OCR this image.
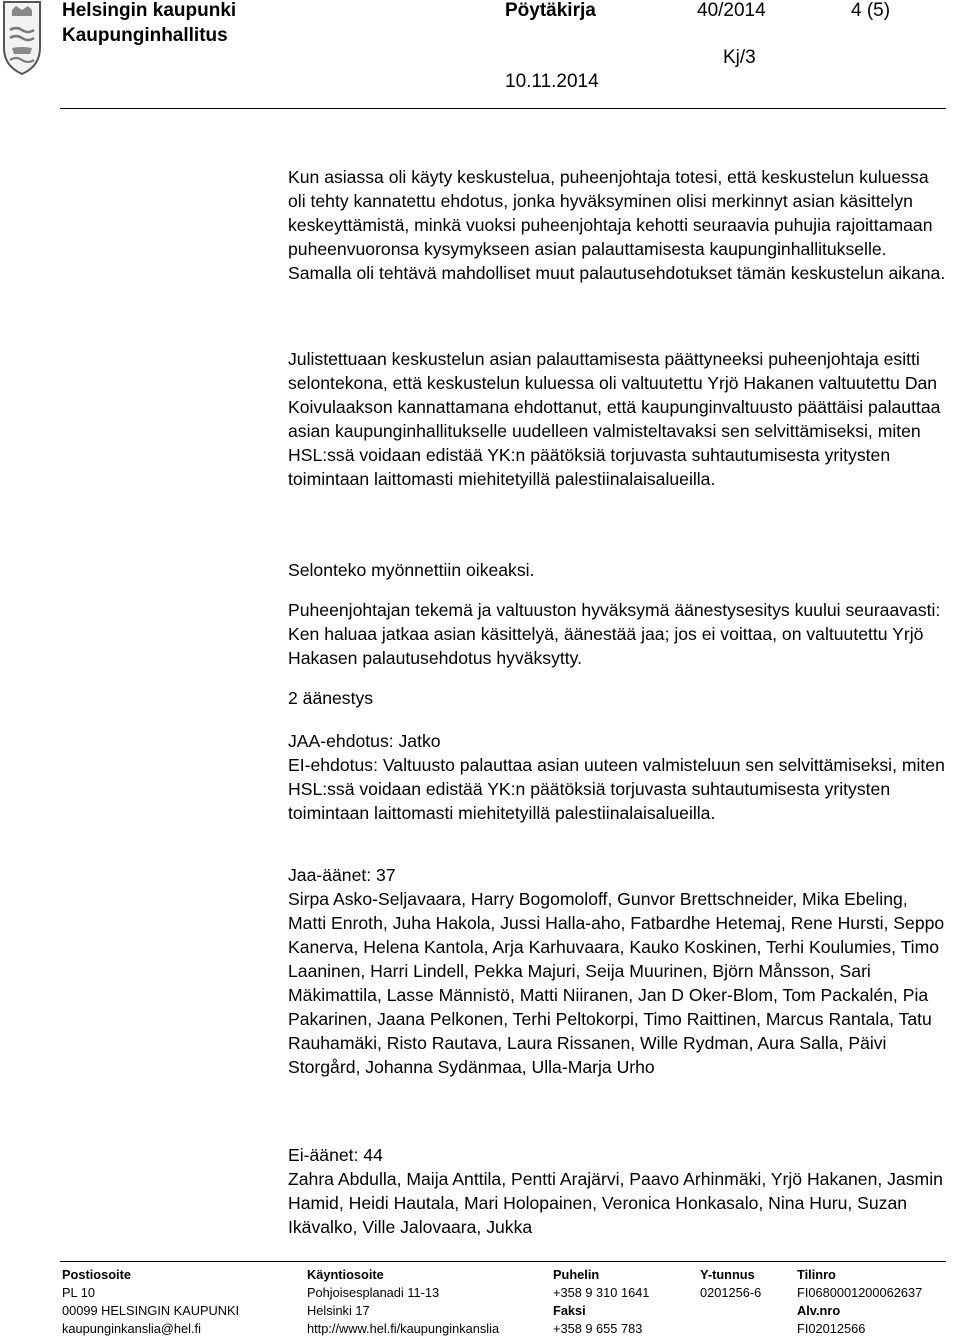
Helsingin kaupunki
Kaupunginhallitus
Pöytäkirja	40/2014	4 (5)
Kj/3
10.11.2014

Kun asiassa oli käyty keskustelua, puheenjohtaja totesi, että keskustelun kuluessa oli tehty kannatettu ehdotus, jonka hyväksyminen olisi merkinnyt asian käsittelyn keskeyttämistä, minkä vuoksi puheenjohtaja kehotti seuraavia puhujia rajoittamaan puheenvuoronsa kysymykseen asian palauttamisesta kaupunginhallitukselle. Samalla oli tehtävä mahdolliset muut palautusehdotukset tämän keskustelun aikana.

Julistettuaan keskustelun asian palauttamisesta päättyneeksi puheenjohtaja esitti selontekona, että keskustelun kuluessa oli valtuutettu Yrjö Hakanen valtuutettu Dan Koivulaakson kannattamana ehdottanut, että kaupunginvaltuusto päättäisi palauttaa asian kaupunginhallitukselle uudelleen valmisteltavaksi sen selvittämiseksi, miten HSL:ssä voidaan edistää YK:n päätöksiä torjuvasta suhtautumisesta yritysten toimintaan laittomasti miehitetyillä palestiinalaisalueilla.

Selonteko myönnettiin oikeaksi.

Puheenjohtajan tekemä ja valtuuston hyväksymä äänestysesitys kuului seuraavasti: Ken haluaa jatkaa asian käsittelyä, äänestää jaa; jos ei voittaa, on valtuutettu Yrjö Hakasen palautusehdotus hyväksytty.

2 äänestys

JAA-ehdotus: Jatko

EI-ehdotus: Valtuusto palauttaa asian uuteen valmisteluun sen selvittämiseksi, miten HSL:ssä voidaan edistää YK:n päätöksiä torjuvasta suhtautumisesta yritysten toimintaan laittomasti miehitetyillä palestiinalaisalueilla.

Jaa-äänet: 37

Sirpa Asko-Seljavaara, Harry Bogomoloff, Gunvor Brettschneider, Mika Ebeling, Matti Enroth, Juha Hakola, Jussi Halla-aho, Fatbardhe Hetemaj, Rene Hursti, Seppo Kanerva, Helena Kantola, Arja Karhuvaara, Kauko Koskinen, Terhi Koulumies, Timo Laaninen, Harri Lindell, Pekka Majuri, Seija Muurinen, Björn Månsson, Sari Mäkimattila, Lasse Männistö, Matti Niiranen, Jan D Oker-Blom, Tom Packalén, Pia Pakarinen, Jaana Pelkonen, Terhi Peltokorpi, Timo Raittinen, Marcus Rantala, Tatu Rauhamäki, Risto Rautava, Laura Rissanen, Wille Rydman, Aura Salla, Päivi Storgård, Johanna Sydänmaa, Ulla-Marja Urho

Ei-äänet: 44

Zahra Abdulla, Maija Anttila, Pentti Arajärvi, Paavo Arhinmäki, Yrjö Hakanen, Jasmin Hamid, Heidi Hautala, Mari Holopainen, Veronica Honkasalo, Nina Huru, Suzan Ikävalko, Ville Jalovaara, Jukka

Postiosoite
PL 10
00099 HELSINGIN KAUPUNKI
kaupunginkanslia@hel.fi
Käyntiosoite
Pohjoisesplanadi 11-13
Helsinki 17
http://www.hel.fi/kaupunginkanslia
Puhelin
+358 9 310 1641
Faksi
+358 9 655 783
Y-tunnus
0201256-6
Tilinro
FI0680001200062637
Alv.nro
FI02012566
